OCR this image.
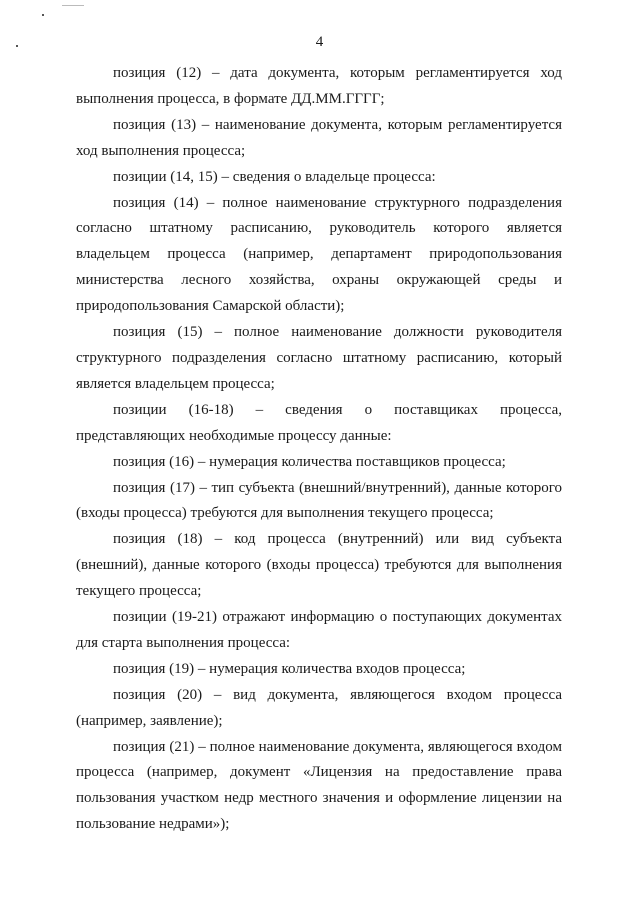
4

позиция (12) – дата документа, которым регламентируется ход выполнения процесса, в формате ДД.ММ.ГГГГ;

позиция (13) – наименование документа, которым регламентируется ход выполнения процесса;

позиции (14, 15) – сведения о владельце процесса:

позиция (14) – полное наименование структурного подразделения согласно штатному расписанию, руководитель которого является владельцем процесса (например, департамент природопользования министерства лесного хозяйства, охраны окружающей среды и природопользования Самарской области);

позиция (15) – полное наименование должности руководителя структурного подразделения согласно штатному расписанию, который является владельцем процесса;

позиции (16-18) – сведения о поставщиках процесса, представляющих необходимые процессу данные:

позиция (16) – нумерация количества поставщиков процесса;

позиция (17) – тип субъекта (внешний/внутренний), данные которого (входы процесса) требуются для выполнения текущего процесса;

позиция (18) – код процесса (внутренний) или вид субъекта (внешний), данные которого (входы процесса) требуются для выполнения текущего процесса;

позиции (19-21) отражают информацию о поступающих документах для старта выполнения процесса:

позиция (19) – нумерация количества входов процесса;

позиция (20) – вид документа, являющегося входом процесса (например, заявление);

позиция (21) – полное наименование документа, являющегося входом процесса (например, документ «Лицензия на предоставление права пользования участком недр местного значения и оформление лицензии на пользование недрами»);
